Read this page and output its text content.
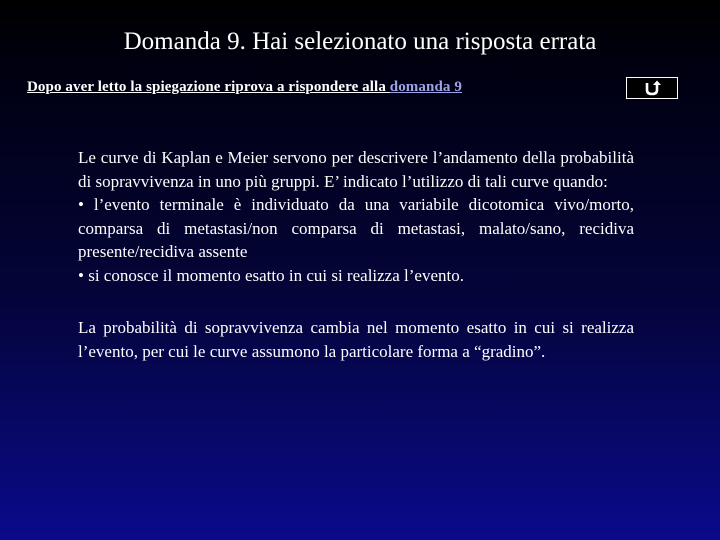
Domanda 9. Hai selezionato una risposta errata
Dopo aver letto la spiegazione riprova a rispondere alla domanda 9

Le curve di Kaplan e Meier servono per descrivere l’andamento della probabilità di sopravvivenza in uno più gruppi. E’ indicato l’utilizzo di tali curve quando:

• l’evento terminale è individuato da una variabile dicotomica vivo/morto, comparsa di metastasi/non comparsa di metastasi, malato/sano, recidiva presente/recidiva assente

• si conosce il momento esatto in cui si realizza l’evento.

La probabilità di sopravvivenza cambia nel momento esatto in cui si realizza l’evento, per cui le curve assumono la particolare forma a “gradino”.
